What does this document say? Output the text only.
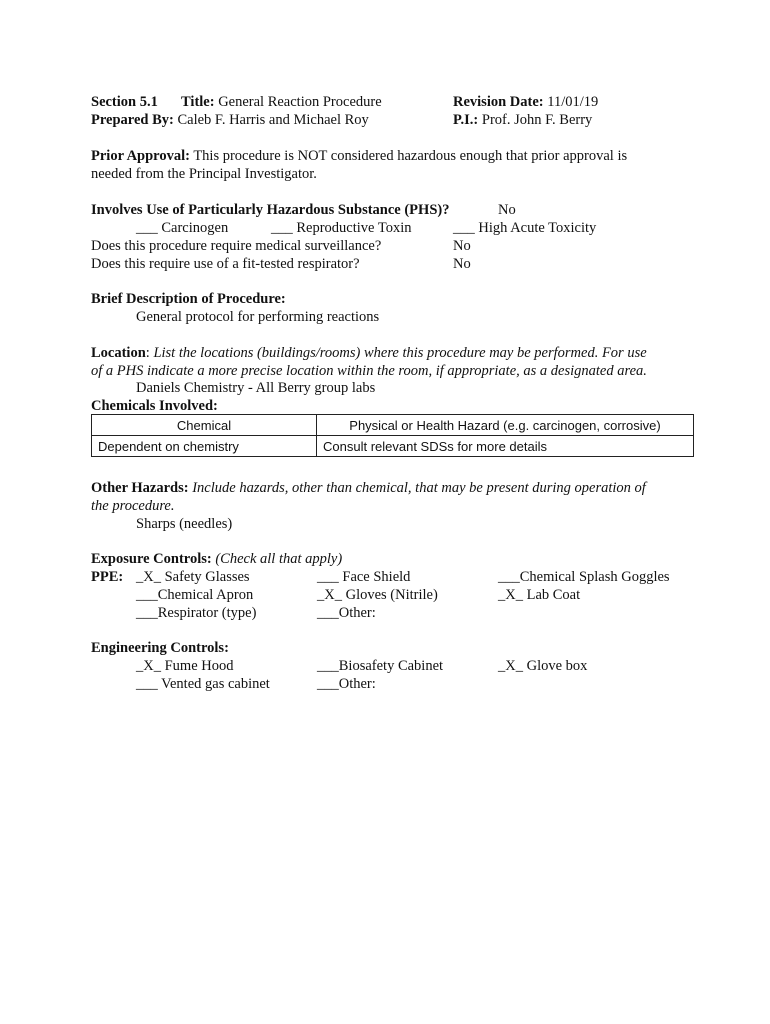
Section 5.1 Title: General Reaction Procedure	Revision Date: 11/01/19
Prepared By: Caleb F. Harris and Michael Roy	P.I.: Prof. John F. Berry
Prior Approval: This procedure is NOT considered hazardous enough that prior approval is
needed from the Principal Investigator.
Involves Use of Particularly Hazardous Substance (PHS)?	No
___ Carcinogen	___ Reproductive Toxin	___ High Acute Toxicity
Does this procedure require medical surveillance?	No
Does this require use of a fit-tested respirator?	No
Brief Description of Procedure:
General protocol for performing reactions
Location: List the locations (buildings/rooms) where this procedure may be performed. For use
of a PHS indicate a more precise location within the room, if appropriate, as a designated area.
Daniels Chemistry - All Berry group labs
Chemicals Involved:
Chemical	Physical or Health Hazard (e.g. carcinogen, corrosive)
Dependent on chemistry	Consult relevant SDSs for more details
Other Hazards: Include hazards, other than chemical, that may be present during operation of
the procedure.
Sharps (needles)
Exposure Controls: (Check all that apply)
PPE: _X_ Safety Glasses	___ Face Shield	___Chemical Splash Goggles
___Chemical Apron	_X_ Gloves (Nitrile)	_X_ Lab Coat
___Respirator (type)	___Other:
Engineering Controls:
_X_ Fume Hood	___Biosafety Cabinet	_X_ Glove box
___ Vented gas cabinet	___Other:
